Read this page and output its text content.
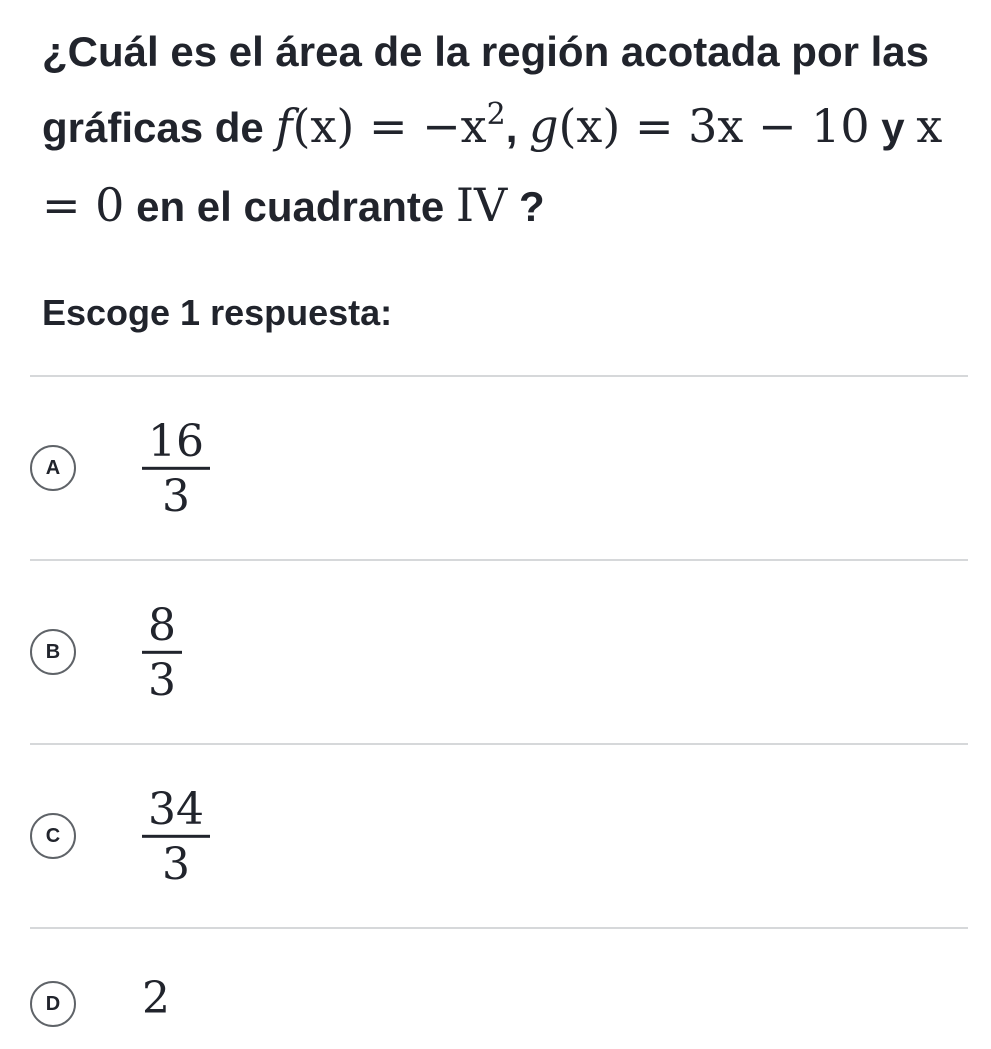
¿Cuál es el área de la región acotada por las gráficas de $f(x) = -x^2$, g(x) = 3x − 10 y x = 0 en el cuadrante IV ?

Escoge 1 respuesta:

A	$\frac{16}{3}$
B	$\frac{8}{3}$
C	$\frac{34}{3}$
D	2
